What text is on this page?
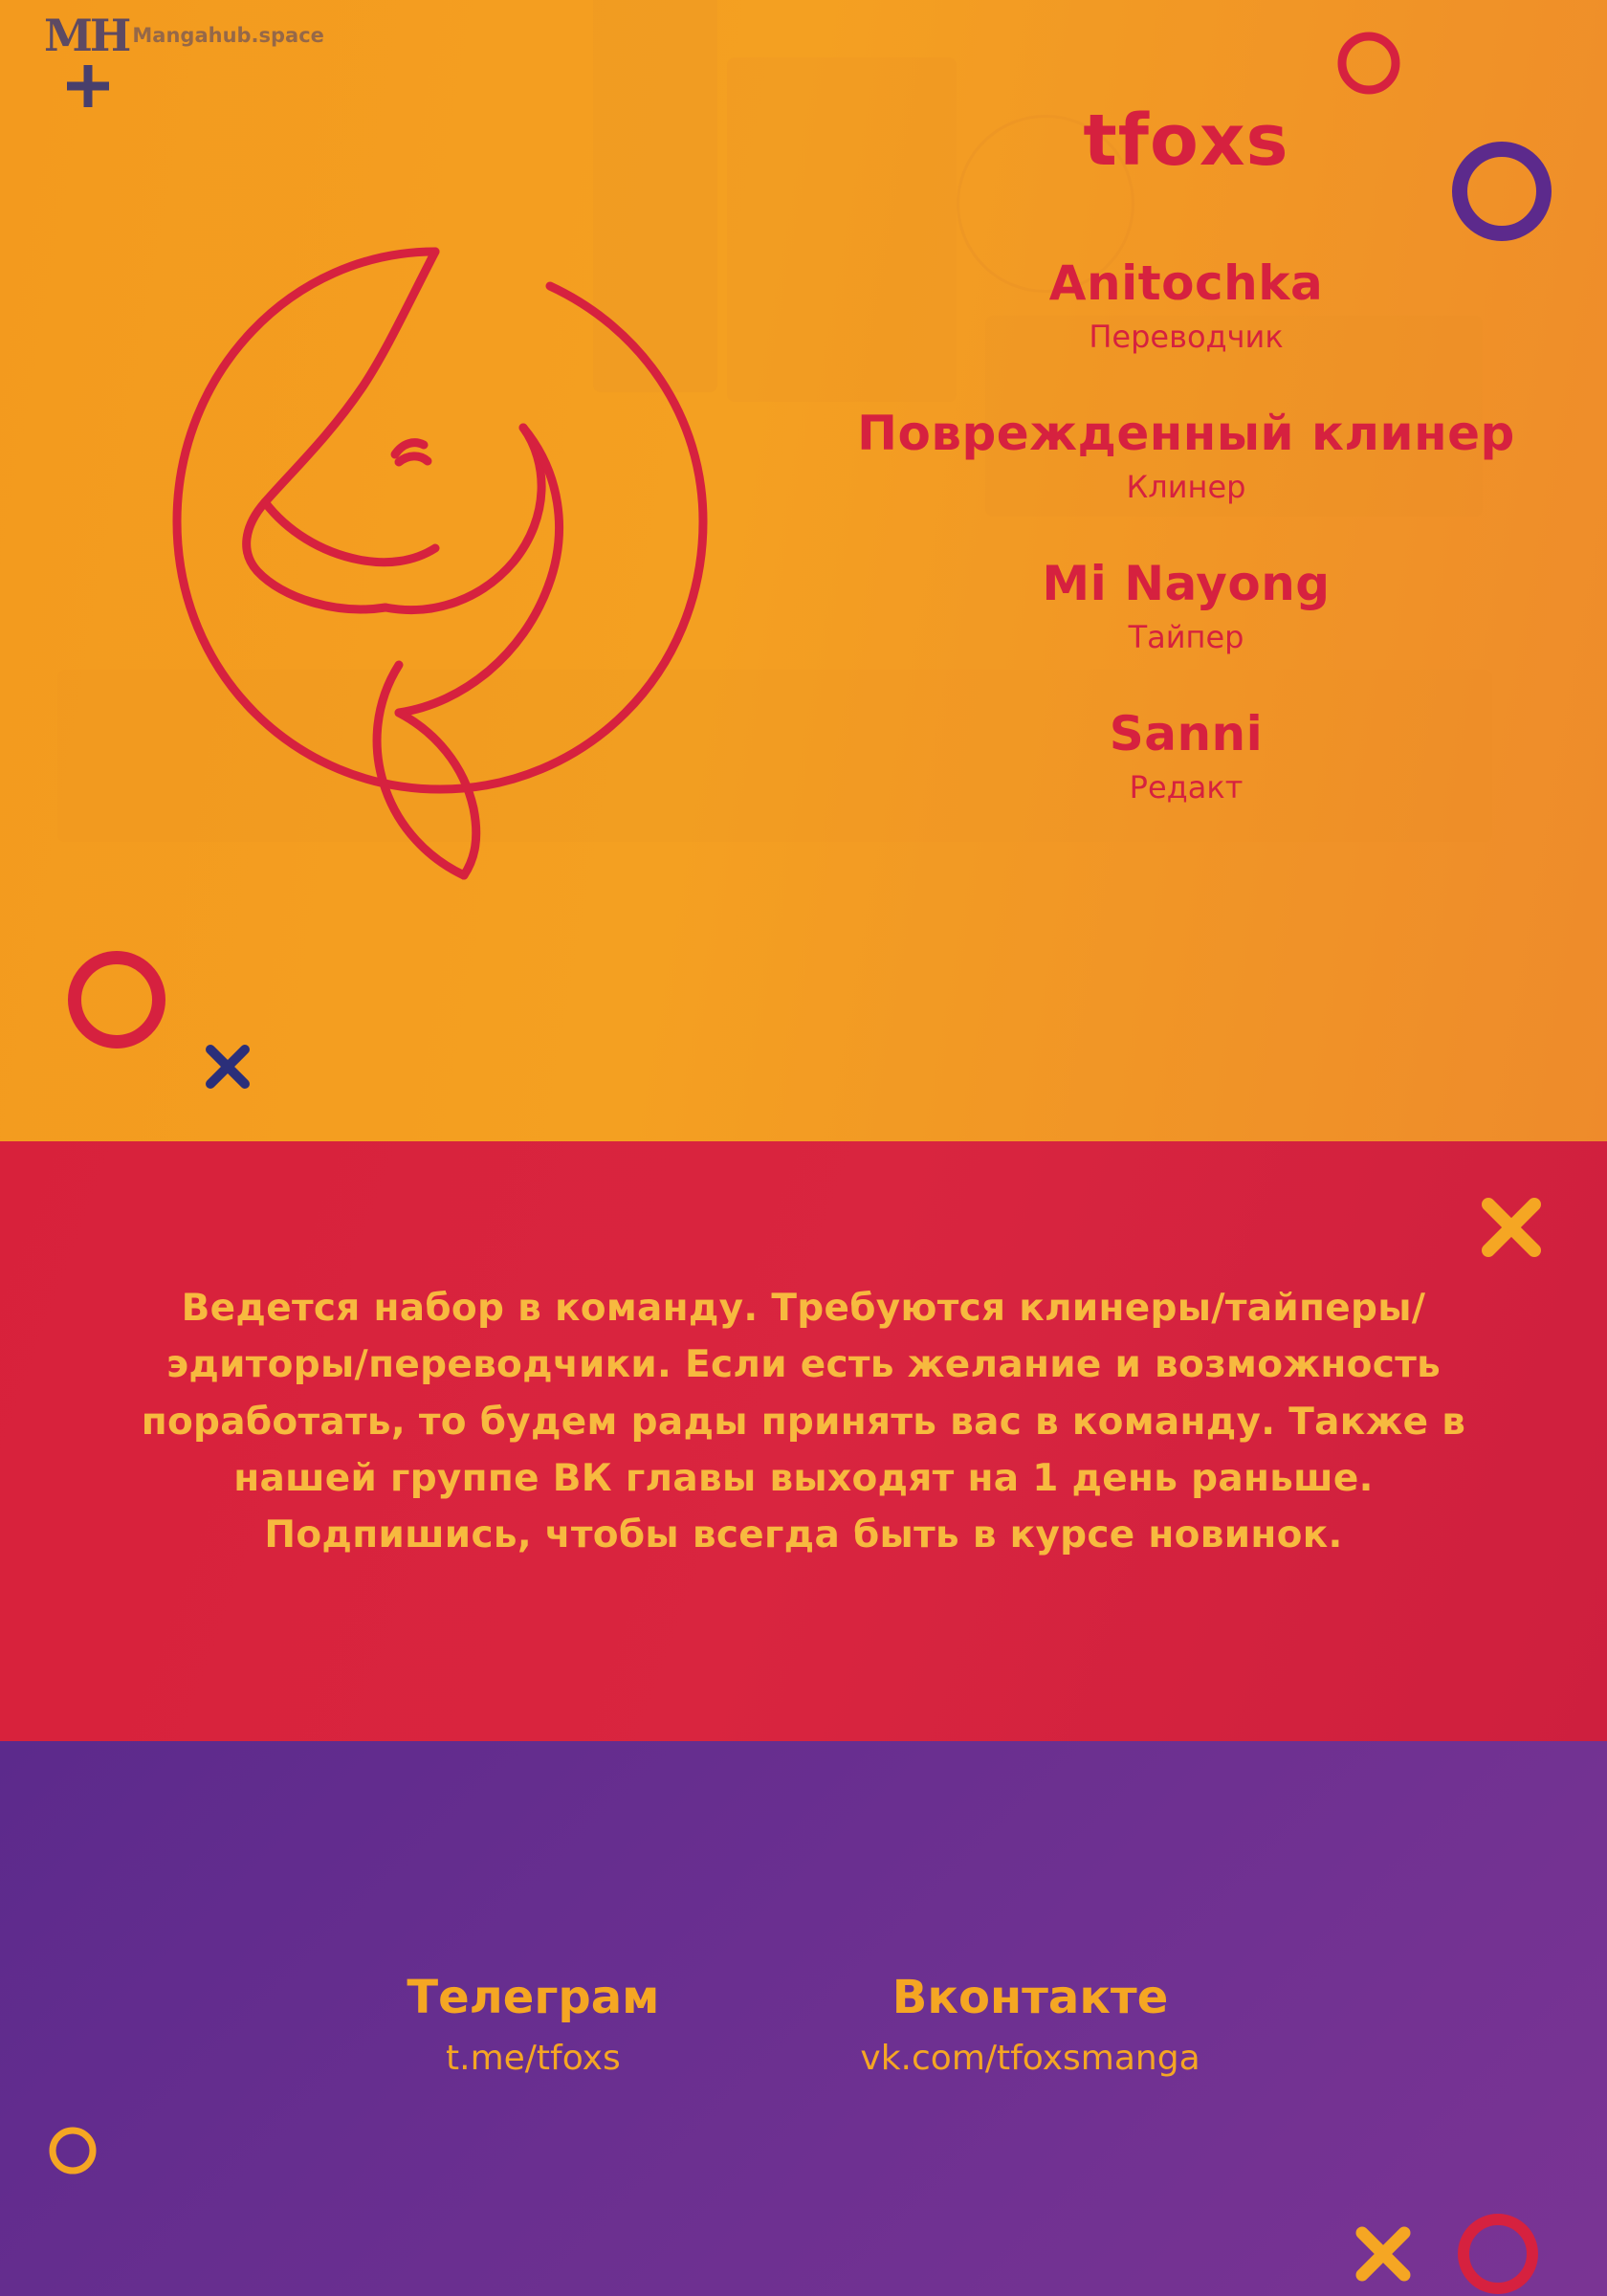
MH Mangahub.space
tfoxs
Anitochka
Переводчик
Поврежденный клинер
Клинер
Mi Nayong
Тайпер
Sanni
Редакт
Ведется набор в команду. Требуются клинеры/тайперы/эдиторы/переводчики. Если есть желание и возможность поработать, то будем рады принять вас в команду. Также в нашей группе ВК главы выходят на 1 день раньше. Подпишись, чтобы всегда быть в курсе новинок.
Телеграм
t.me/tfoxs
Вконтакте
vk.com/tfoxsmanga
